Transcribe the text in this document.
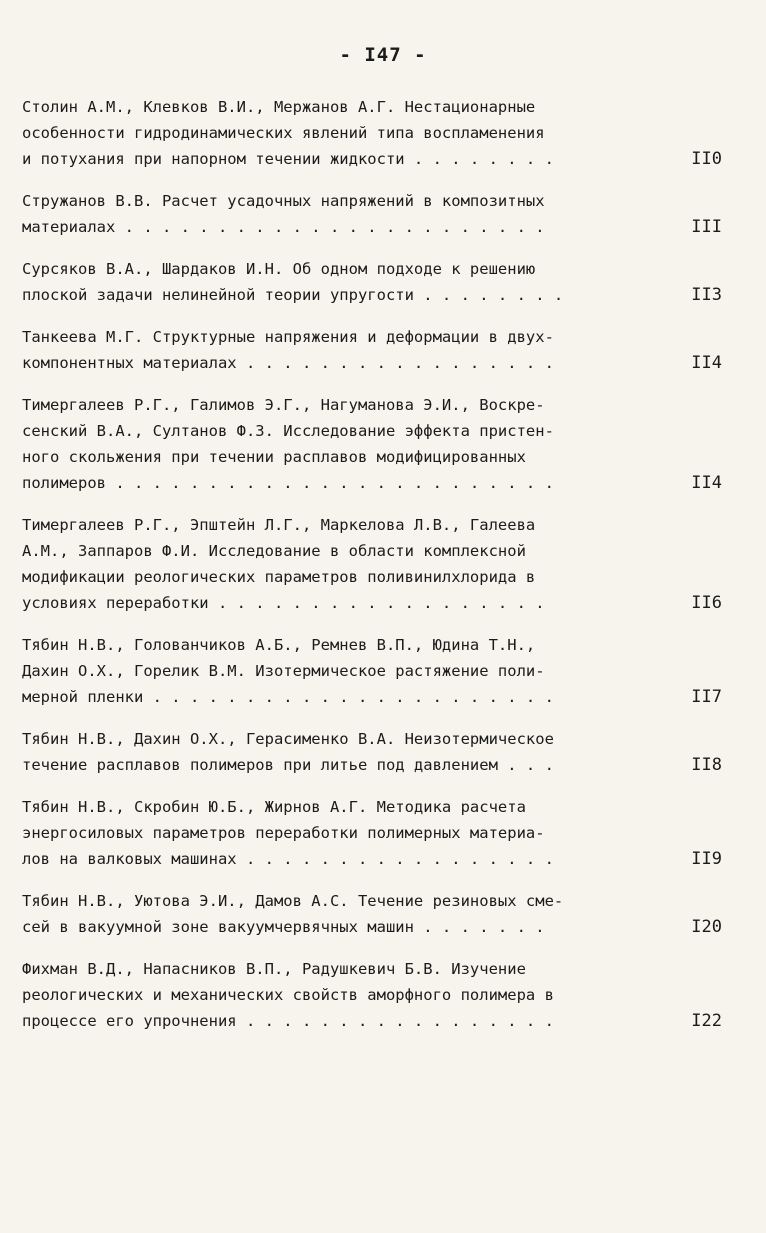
- I47 -
Столин А.М., Клевков В.И., Мержанов А.Г. Нестационарные
особенности гидродинамических явлений типа воспламенения
и потухания при напорном течении жидкости . . . . . . . .	II0
Стружанов В.В. Расчет усадочных напряжений в композитных
материалах . . . . . . . . . . . . . . . . . . . . . . .	III
Сурсяков В.А., Шардаков И.Н. Об одном подходе к решению
плоской задачи нелинейной теории упругости . . . . . . . .	II3
Танкеева М.Г. Структурные напряжения и деформации в двух-
компонентных материалах . . . . . . . . . . . . . . . . .	II4
Тимергалеев Р.Г., Галимов Э.Г., Нагуманова Э.И., Воскре-
сенский В.А., Султанов Ф.З. Исследование эффекта пристен-
ного скольжения при течении расплавов модифицированных
полимеров . . . . . . . . . . . . . . . . . . . . . . . .	II4
Тимергалеев Р.Г., Эпштейн Л.Г., Маркелова Л.В., Галеева
А.М., Заппаров Ф.И. Исследование в области комплексной
модификации реологических параметров поливинилхлорида в
условиях переработки . . . . . . . . . . . . . . . . . .	II6
Тябин Н.В., Голованчиков А.Б., Ремнев В.П., Юдина Т.Н.,
Дахин О.Х., Горелик В.М. Изотермическое растяжение поли-
мерной пленки . . . . . . . . . . . . . . . . . . . . . .	II7
Тябин Н.В., Дахин О.Х., Герасименко В.А. Неизотермическое
течение расплавов полимеров при литье под давлением . . .	II8
Тябин Н.В., Скробин Ю.Б., Жирнов А.Г. Методика расчета
энергосиловых параметров переработки полимерных материа-
лов на валковых машинах . . . . . . . . . . . . . . . . .	II9
Тябин Н.В., Уютова Э.И., Дамов А.С. Течение резиновых сме-
сей в вакуумной зоне вакуумчервячных машин . . . . . . .	I20
Фихман В.Д., Напасников В.П., Радушкевич Б.В. Изучение
реологических и механических свойств аморфного полимера в
процессе его упрочнения . . . . . . . . . . . . . . . . .	I22
